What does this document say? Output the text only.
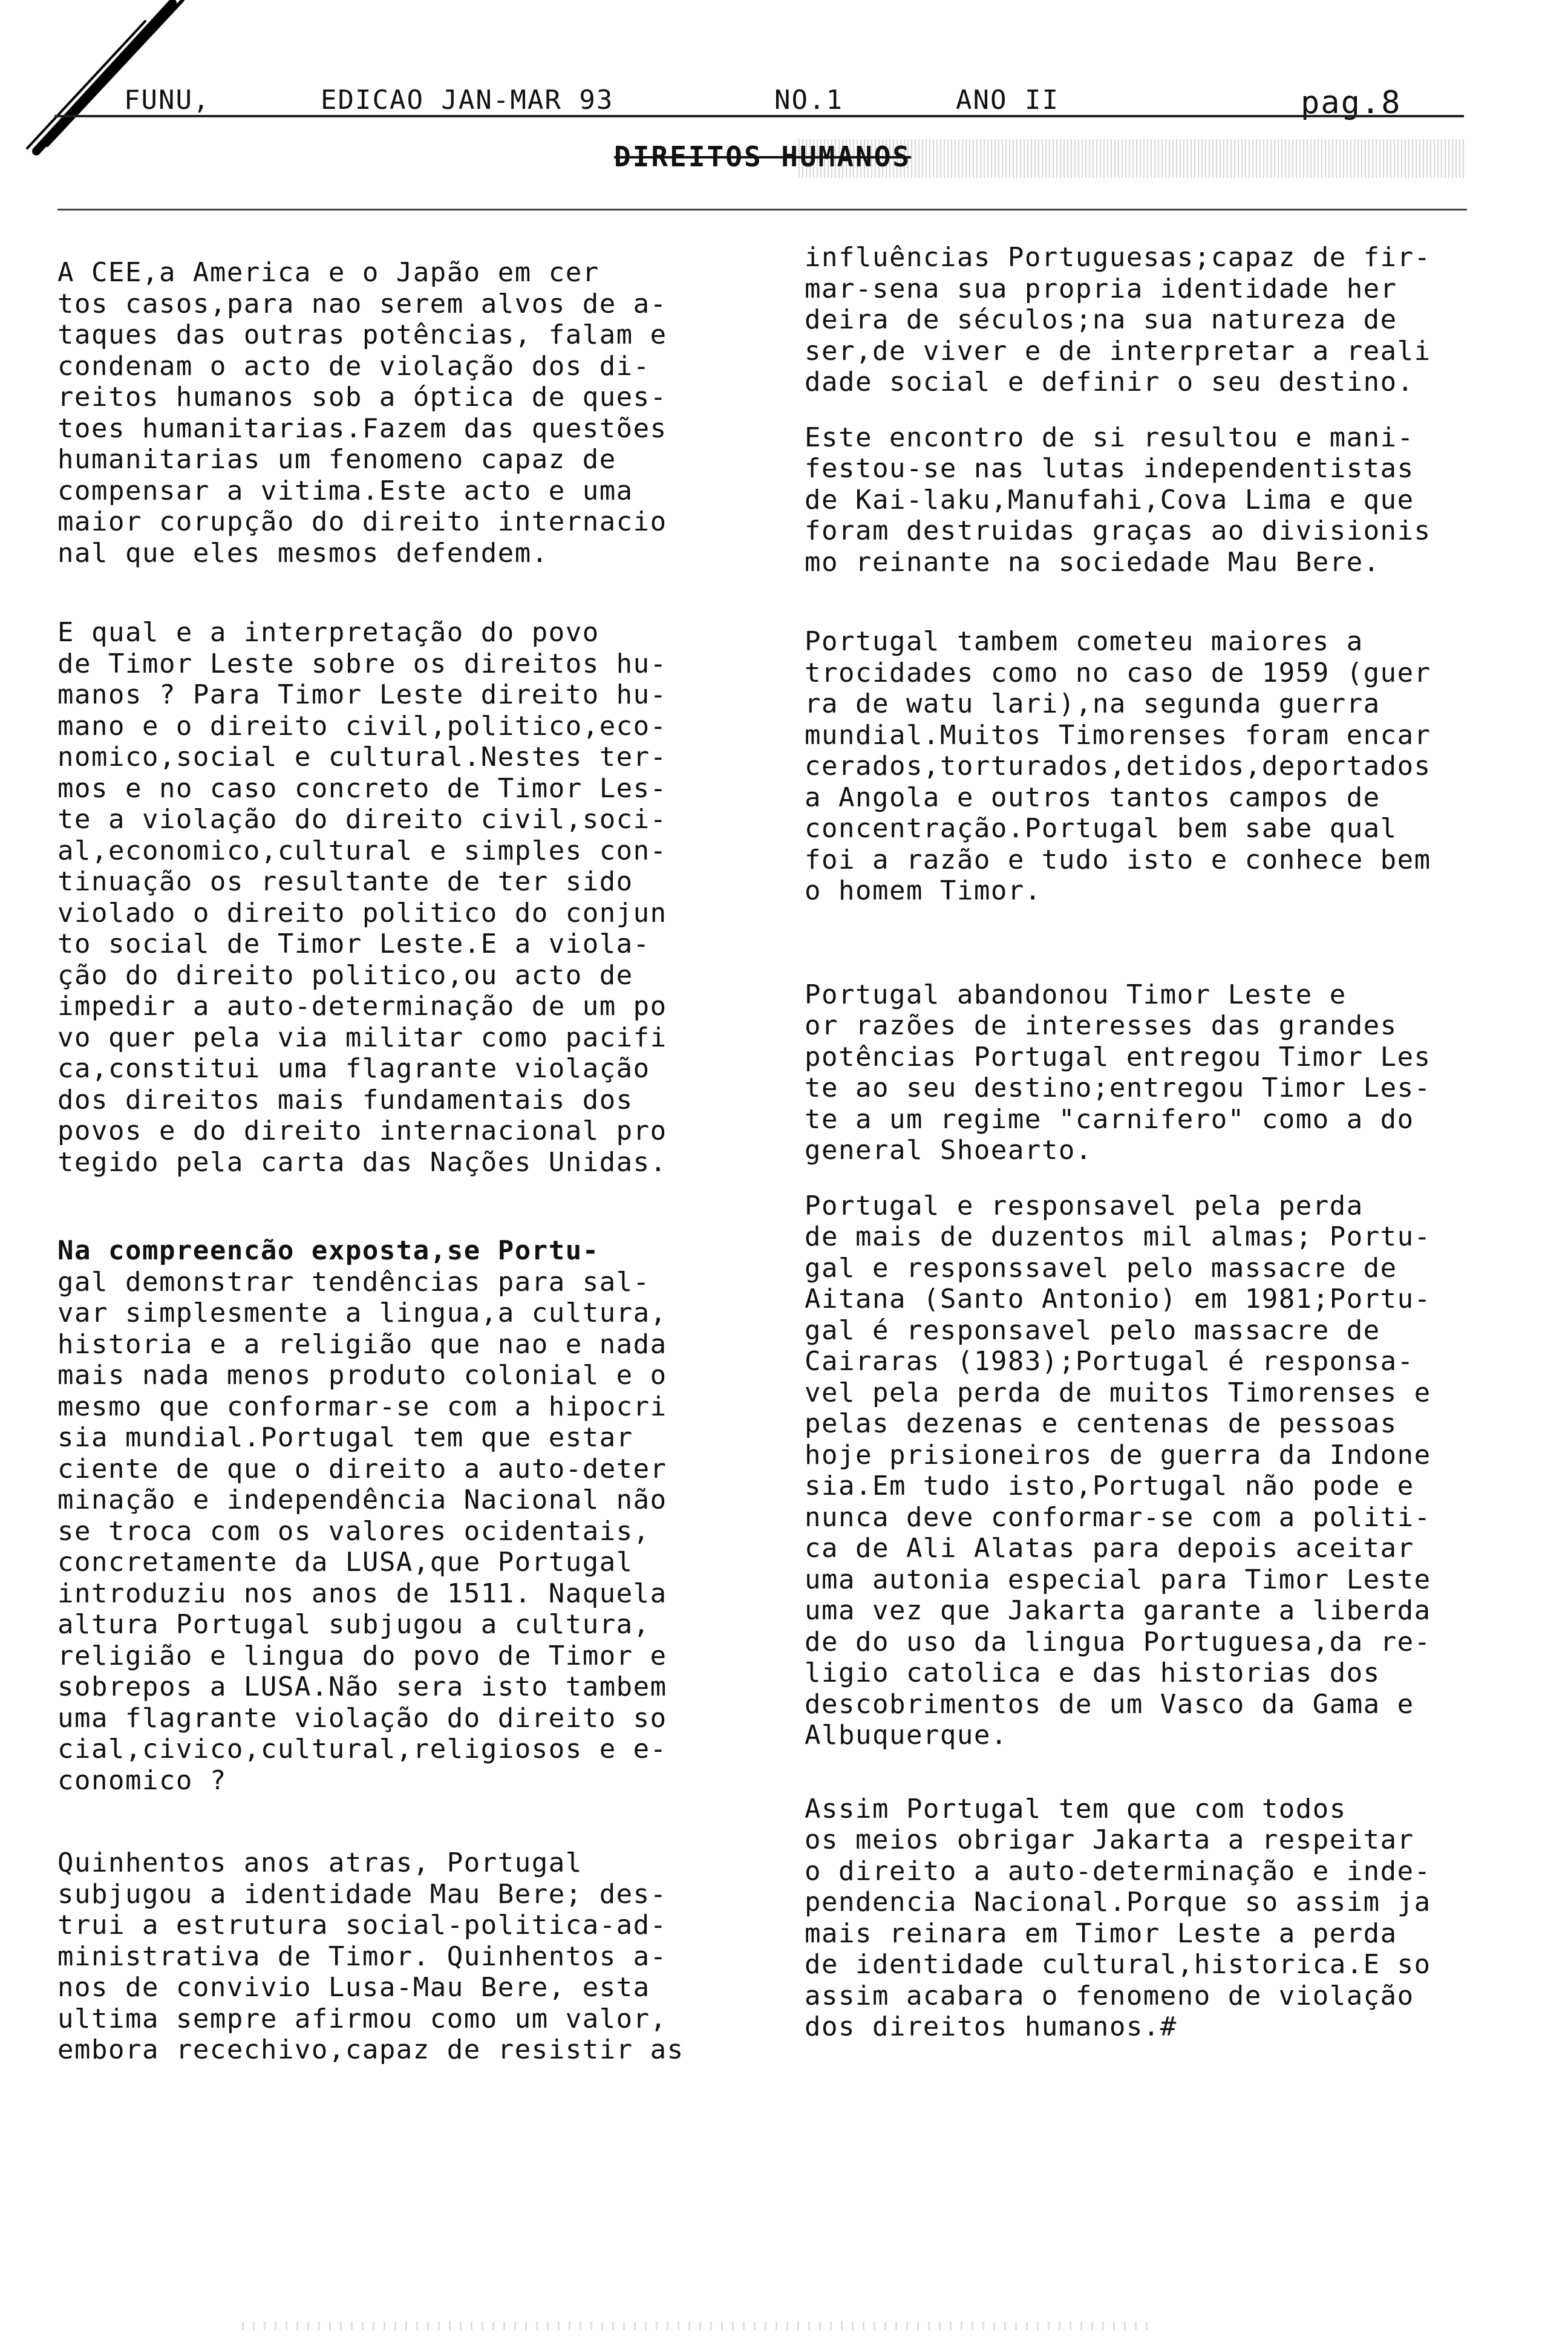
FUNU,	EDICAO JAN-MAR 93	NO.1	ANO II	pag.8
DIREITOS HUMANOS

A CEE,a America e o Japão em cer
tos casos,para nao serem alvos de a-
taques das outras potências, falam e
condenam o acto de violação dos di-
reitos humanos sob a óptica de ques-
toes humanitarias.Fazem das questões
humanitarias um fenomeno capaz de
compensar a vitima.Este acto e uma
maior corupção do direito internacio
nal que eles mesmos defendem.

E qual e a interpretação do povo
de Timor Leste sobre os direitos hu-
manos ? Para Timor Leste direito hu-
mano e o direito civil,politico,eco-
nomico,social e cultural.Nestes ter-
mos e no caso concreto de Timor Les-
te a violação do direito civil,soci-
al,economico,cultural e simples con-
tinuação os resultante de ter sido
violado o direito politico do conjun
to social de Timor Leste.E a viola-
ção do direito politico,ou acto de
impedir a auto-determinação de um po
vo quer pela via militar como pacifi
ca,constitui uma flagrante violação
dos direitos mais fundamentais dos
povos e do direito internacional pro
tegido pela carta das Nações Unidas.

Na compreencão exposta,se Portu-
gal demonstrar tendências para sal-
var simplesmente a lingua,a cultura,
historia e a religião que nao e nada
mais nada menos produto colonial e o
mesmo que conformar-se com a hipocri
sia mundial.Portugal tem que estar
ciente de que o direito a auto-deter
minação e independência Nacional não
se troca com os valores ocidentais,
concretamente da LUSA,que Portugal
introduziu nos anos de 1511. Naquela
altura Portugal subjugou a cultura,
religião e lingua do povo de Timor e
sobrepos a LUSA.Não sera isto tambem
uma flagrante violação do direito so
cial,civico,cultural,religiosos e e-
conomico ?

Quinhentos anos atras, Portugal
subjugou a identidade Mau Bere; des-
trui a estrutura social-politica-ad-
ministrativa de Timor. Quinhentos a-
nos de convivio Lusa-Mau Bere, esta
ultima sempre afirmou como um valor,
embora recechivo,capaz de resistir as

influências Portuguesas;capaz de fir-
mar-sena sua propria identidade her
deira de séculos;na sua natureza de
ser,de viver e de interpretar a reali
dade social e definir o seu destino.

Este encontro de si resultou e mani-
festou-se nas lutas independentistas
de Kai-laku,Manufahi,Cova Lima e que
foram destruidas graças ao divisionis
mo reinante na sociedade Mau Bere.

Portugal tambem cometeu maiores a
trocidades como no caso de 1959 (guer
ra de watu lari),na segunda guerra
mundial.Muitos Timorenses foram encar
cerados,torturados,detidos,deportados
a Angola e outros tantos campos de
concentração.Portugal bem sabe qual
foi a razão e tudo isto e conhece bem
o homem Timor.

Portugal abandonou Timor Leste e
or razões de interesses das grandes
potências Portugal entregou Timor Les
te ao seu destino;entregou Timor Les-
te a um regime "carnifero" como a do
general Shoearto.

Portugal e responsavel pela perda
de mais de duzentos mil almas; Portu-
gal e responssavel pelo massacre de
Aitana (Santo Antonio) em 1981;Portu-
gal é responsavel pelo massacre de
Cairaras (1983);Portugal é responsa-
vel pela perda de muitos Timorenses e
pelas dezenas e centenas de pessoas
hoje prisioneiros de guerra da Indone
sia.Em tudo isto,Portugal não pode e
nunca deve conformar-se com a politi-
ca de Ali Alatas para depois aceitar
uma autonia especial para Timor Leste
uma vez que Jakarta garante a liberda
de do uso da lingua Portuguesa,da re-
ligio catolica e das historias dos
descobrimentos de um Vasco da Gama e
Albuquerque.

Assim Portugal tem que com todos
os meios obrigar Jakarta a respeitar
o direito a auto-determinação e inde-
pendencia Nacional.Porque so assim ja
mais reinara em Timor Leste a perda
de identidade cultural,historica.E so
assim acabara o fenomeno de violação
dos direitos humanos.#
